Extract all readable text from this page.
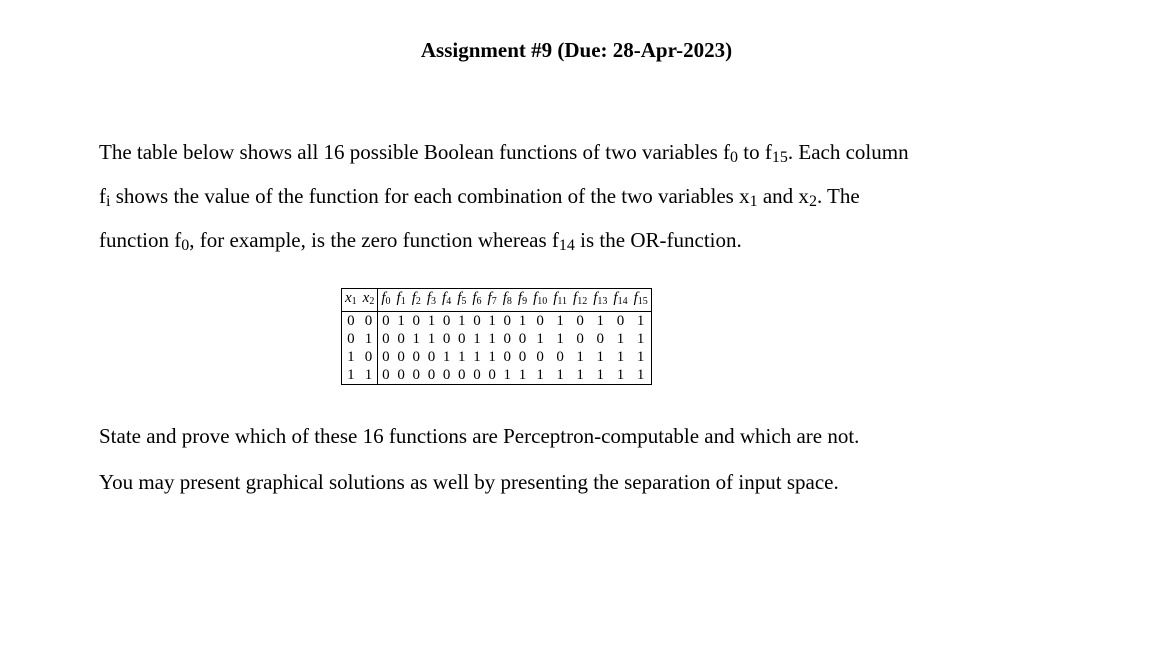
Assignment #9 (Due: 28-Apr-2023)
The table below shows all 16 possible Boolean functions of two variables f0 to f15. Each column
fi shows the value of the function for each combination of the two variables x1 and x2. The
function f0, for example, is the zero function whereas f14 is the OR-function.
x1	x2	f0	f1	f2	f3	f4	f5	f6	f7	f8	f9	f10	f11	f12	f13	f14	f15
0	0	0	1	0	1	0	1	0	1	0	1	0	1	0	1	0	1
0	1	0	0	1	1	0	0	1	1	0	0	1	1	0	0	1	1
1	0	0	0	0	0	1	1	1	1	0	0	0	0	1	1	1	1
1	1	0	0	0	0	0	0	0	0	1	1	1	1	1	1	1	1
State and prove which of these 16 functions are Perceptron-computable and which are not.
You may present graphical solutions as well by presenting the separation of input space.
